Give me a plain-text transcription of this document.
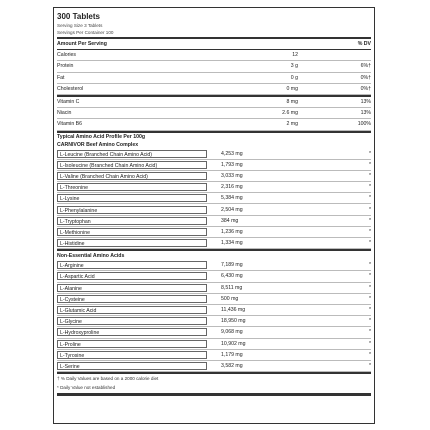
300 Tablets
Serving Size 3 Tablets
Servings Per Container 100
Amount Per Serving	% DV
Calories	12
Protein	3 g	6%†
Fat	0 g	0%†
Cholesterol	0 mg	0%†
Vitamin C	8 mg	13%
Niacin	2.6 mg	13%
Vitamin B6	2 mg	100%
Typical Amino Acid Profile Per 100g
CARNIVOR Beef Amino Complex
L-Leucine (Branched Chain Amino Acid)	4,253 mg	*
L-Isoleucine (Branched Chain Amino Acid)	1,793 mg	*
L-Valine (Branched Chain Amino Acid)	3,033 mg	*
L-Threonine	2,316 mg	*
L-Lysine	5,384 mg	*
L-Phenylalanine	2,504 mg	*
L-Tryptophan	384 mg	*
L-Methionine	1,236 mg	*
L-Histidine	1,334 mg	*
Non-Essential Amino Acids
L-Arginine	7,189 mg	*
L-Aspartic Acid	6,430 mg	*
L-Alanine	8,511 mg	*
L-Cysteine	500 mg	*
L-Glutamic Acid	11,436 mg	*
L-Glycine	18,950 mg	*
L-Hydroxyproline	9,068 mg	*
L-Proline	10,902 mg	*
L-Tyrosine	1,179 mg	*
L-Serine	3,582 mg	*
† % Daily Values are based on a 2000 calorie diet
* Daily Value not established
